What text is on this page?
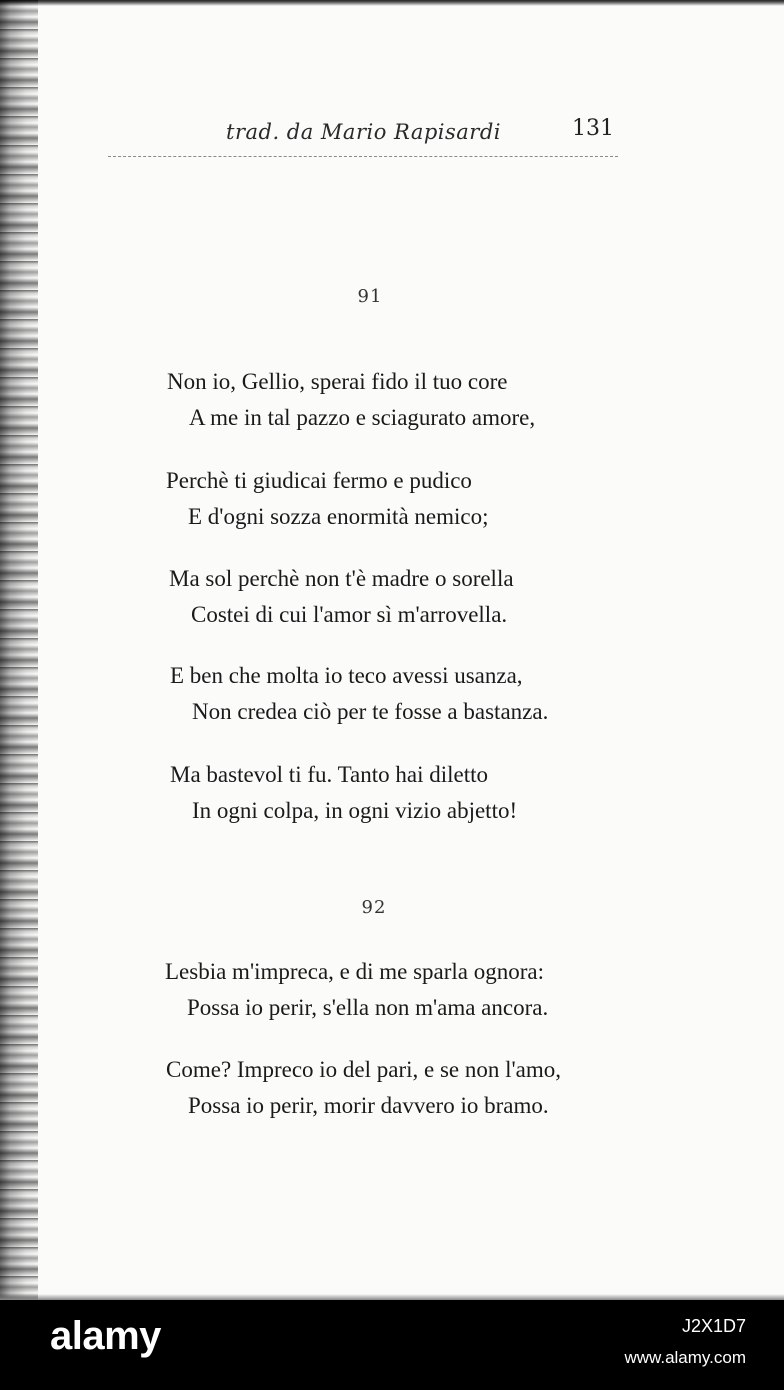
trad. da Mario Rapisardi	131
91
Non io, Gellio, sperai fido il tuo core
A me in tal pazzo e sciagurato amore,
Perchè ti giudicai fermo e pudico
E d'ogni sozza enormità nemico;
Ma sol perchè non t'è madre o sorella
Costei di cui l'amor sì m'arrovella.
E ben che molta io teco avessi usanza,
Non credea ciò per te fosse a bastanza.
Ma bastevol ti fu. Tanto hai diletto
In ogni colpa, in ogni vizio abjetto!
92
Lesbia m'impreca, e di me sparla ognora:
Possa io perir, s'ella non m'ama ancora.
Come? Impreco io del pari, e se non l'amo,
Possa io perir, morir davvero io bramo.
alamy	J2X1D7
www.alamy.com
